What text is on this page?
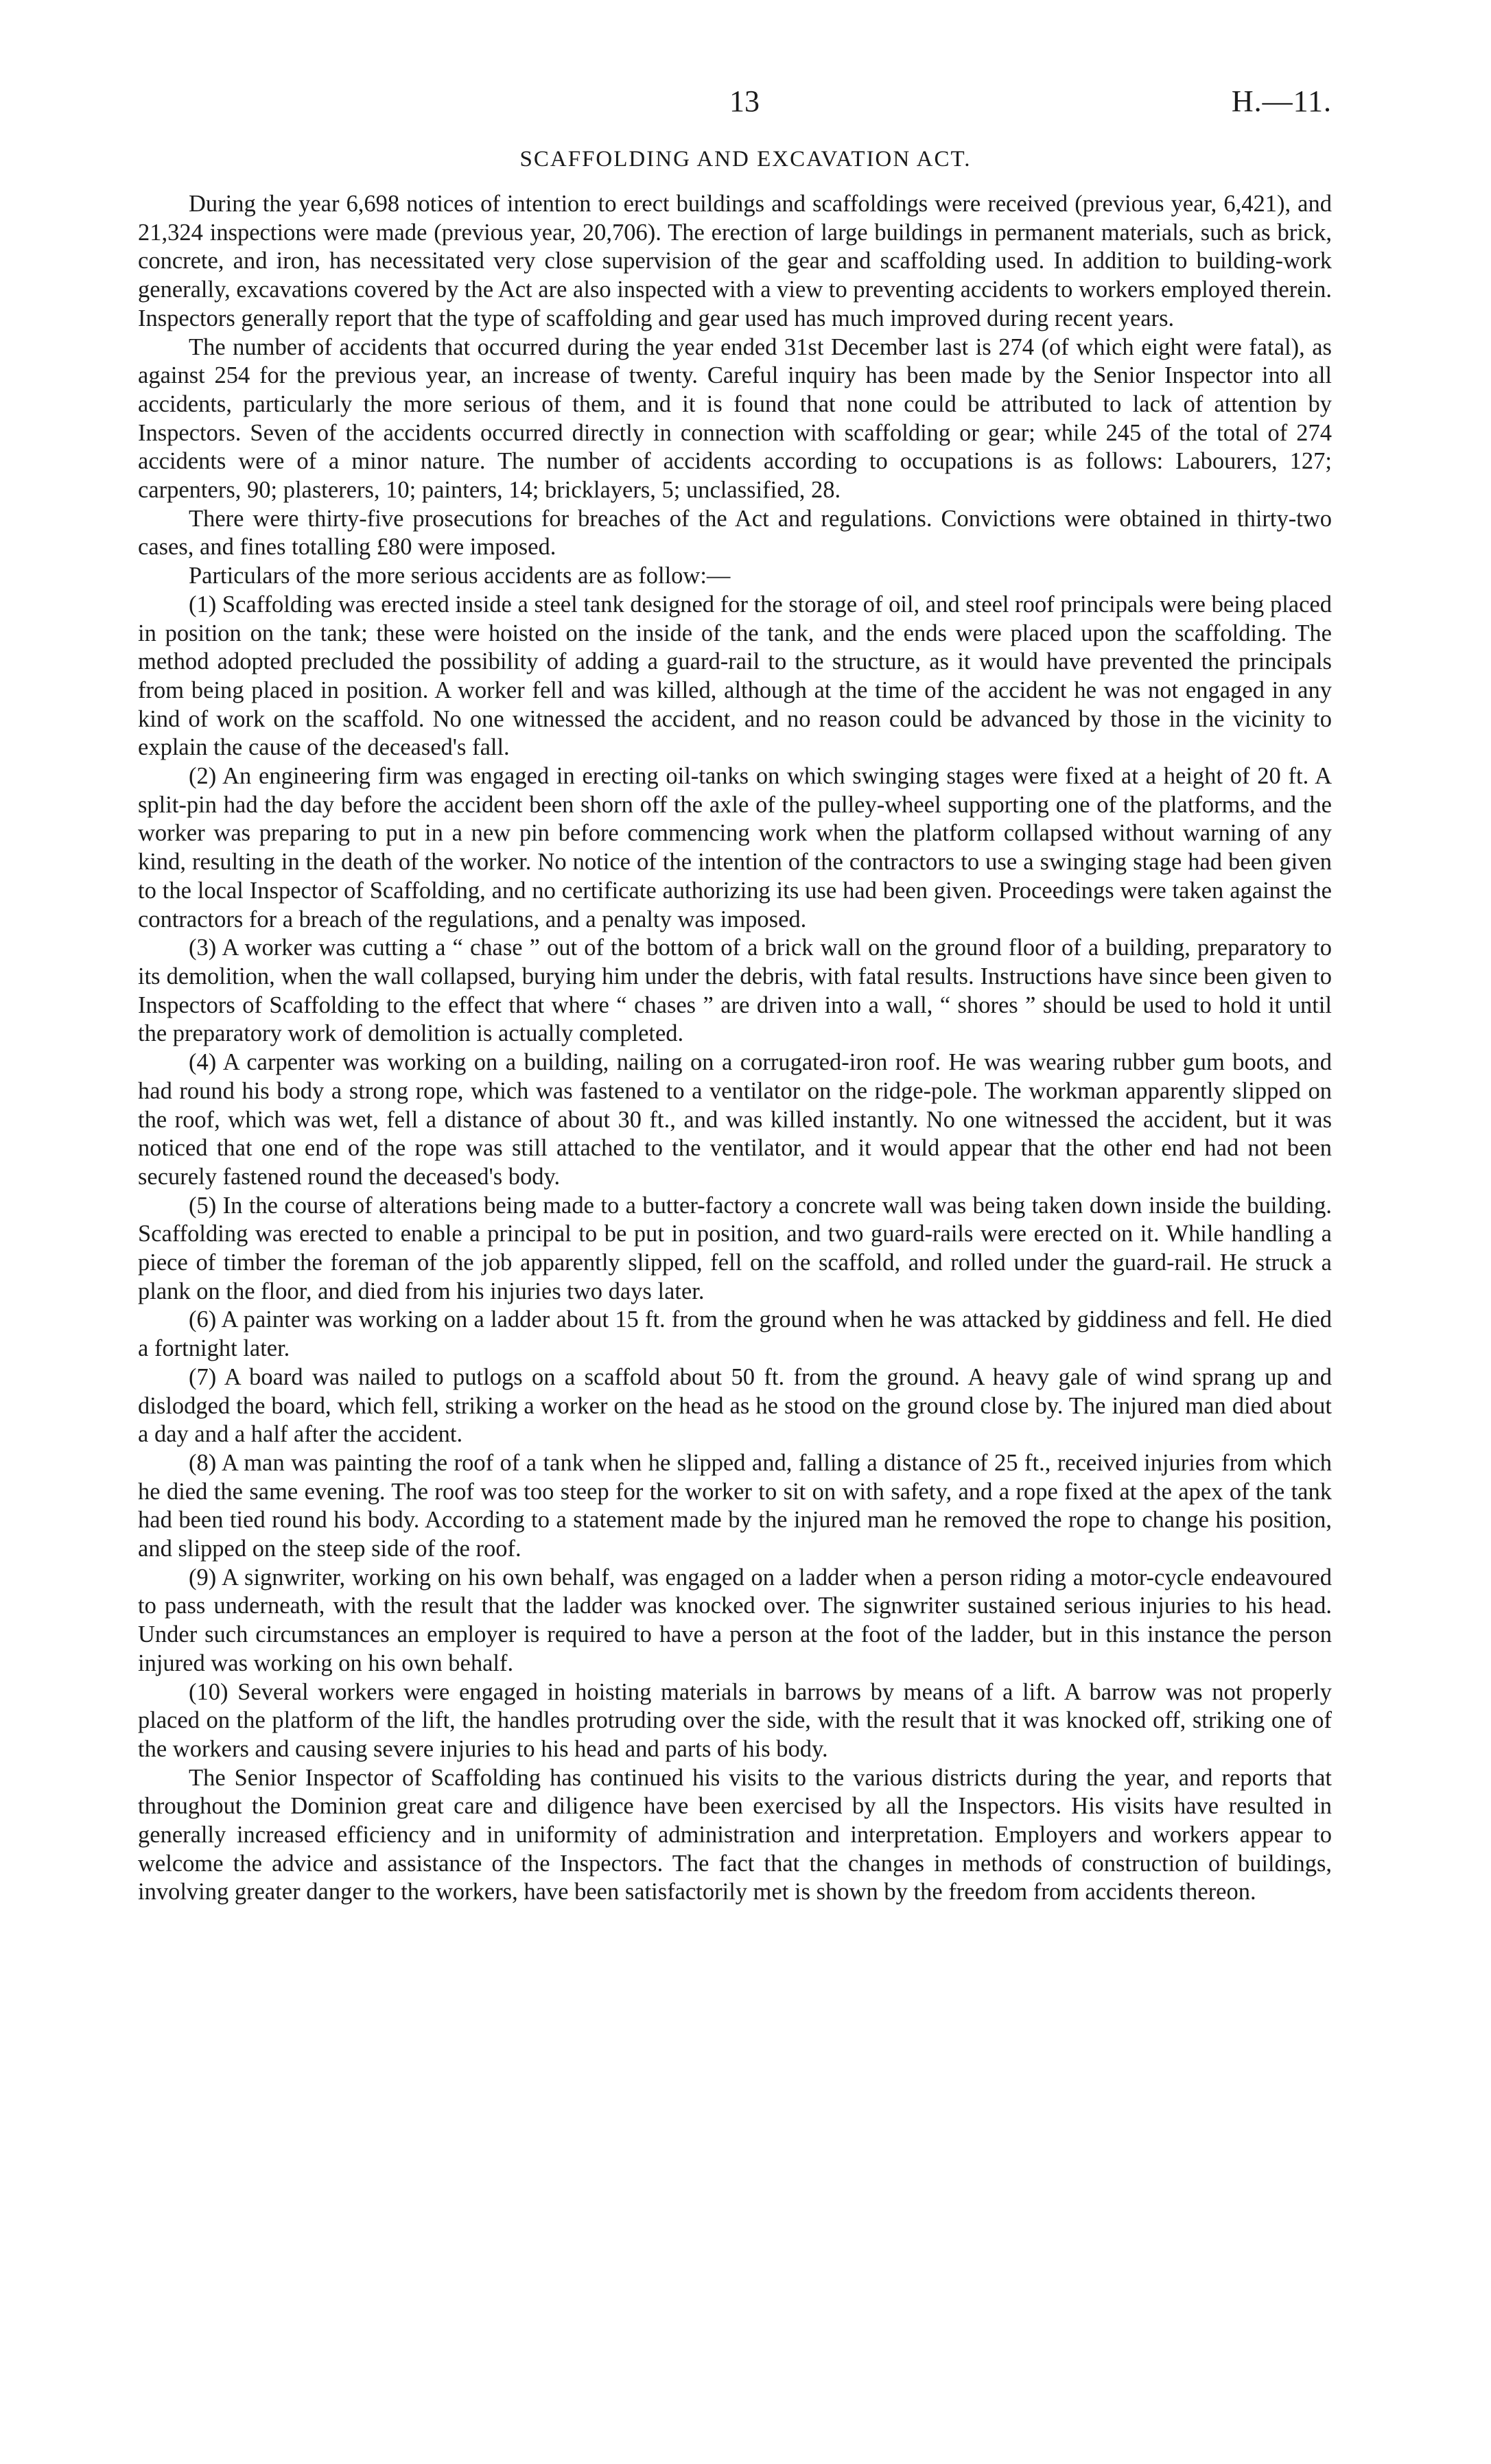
13	H.—11.
SCAFFOLDING AND EXCAVATION ACT.

During the year 6,698 notices of intention to erect buildings and scaffoldings were received (previous year, 6,421), and 21,324 inspections were made (previous year, 20,706). The erection of large buildings in permanent materials, such as brick, concrete, and iron, has necessitated very close supervision of the gear and scaffolding used. In addition to building-work generally, excavations covered by the Act are also inspected with a view to preventing accidents to workers employed therein. Inspectors generally report that the type of scaffolding and gear used has much improved during recent years.

The number of accidents that occurred during the year ended 31st December last is 274 (of which eight were fatal), as against 254 for the previous year, an increase of twenty. Careful inquiry has been made by the Senior Inspector into all accidents, particularly the more serious of them, and it is found that none could be attributed to lack of attention by Inspectors. Seven of the accidents occurred directly in connection with scaffolding or gear; while 245 of the total of 274 accidents were of a minor nature. The number of accidents according to occupations is as follows: Labourers, 127; carpenters, 90; plasterers, 10; painters, 14; bricklayers, 5; unclassified, 28.

There were thirty-five prosecutions for breaches of the Act and regulations. Convictions were obtained in thirty-two cases, and fines totalling £80 were imposed.

Particulars of the more serious accidents are as follow:—

(1) Scaffolding was erected inside a steel tank designed for the storage of oil, and steel roof principals were being placed in position on the tank; these were hoisted on the inside of the tank, and the ends were placed upon the scaffolding. The method adopted precluded the possibility of adding a guard-rail to the structure, as it would have prevented the principals from being placed in position. A worker fell and was killed, although at the time of the accident he was not engaged in any kind of work on the scaffold. No one witnessed the accident, and no reason could be advanced by those in the vicinity to explain the cause of the deceased's fall.

(2) An engineering firm was engaged in erecting oil-tanks on which swinging stages were fixed at a height of 20 ft. A split-pin had the day before the accident been shorn off the axle of the pulley-wheel supporting one of the platforms, and the worker was preparing to put in a new pin before commencing work when the platform collapsed without warning of any kind, resulting in the death of the worker. No notice of the intention of the contractors to use a swinging stage had been given to the local Inspector of Scaffolding, and no certificate authorizing its use had been given. Proceedings were taken against the contractors for a breach of the regulations, and a penalty was imposed.

(3) A worker was cutting a “ chase ” out of the bottom of a brick wall on the ground floor of a building, preparatory to its demolition, when the wall collapsed, burying him under the debris, with fatal results. Instructions have since been given to Inspectors of Scaffolding to the effect that where “ chases ” are driven into a wall, “ shores ” should be used to hold it until the preparatory work of demolition is actually completed.

(4) A carpenter was working on a building, nailing on a corrugated-iron roof. He was wearing rubber gum boots, and had round his body a strong rope, which was fastened to a ventilator on the ridge-pole. The workman apparently slipped on the roof, which was wet, fell a distance of about 30 ft., and was killed instantly. No one witnessed the accident, but it was noticed that one end of the rope was still attached to the ventilator, and it would appear that the other end had not been securely fastened round the deceased's body.

(5) In the course of alterations being made to a butter-factory a concrete wall was being taken down inside the building. Scaffolding was erected to enable a principal to be put in position, and two guard-rails were erected on it. While handling a piece of timber the foreman of the job apparently slipped, fell on the scaffold, and rolled under the guard-rail. He struck a plank on the floor, and died from his injuries two days later.

(6) A painter was working on a ladder about 15 ft. from the ground when he was attacked by giddiness and fell. He died a fortnight later.

(7) A board was nailed to putlogs on a scaffold about 50 ft. from the ground. A heavy gale of wind sprang up and dislodged the board, which fell, striking a worker on the head as he stood on the ground close by. The injured man died about a day and a half after the accident.

(8) A man was painting the roof of a tank when he slipped and, falling a distance of 25 ft., received injuries from which he died the same evening. The roof was too steep for the worker to sit on with safety, and a rope fixed at the apex of the tank had been tied round his body. According to a statement made by the injured man he removed the rope to change his position, and slipped on the steep side of the roof.

(9) A signwriter, working on his own behalf, was engaged on a ladder when a person riding a motor-cycle endeavoured to pass underneath, with the result that the ladder was knocked over. The signwriter sustained serious injuries to his head. Under such circumstances an employer is required to have a person at the foot of the ladder, but in this instance the person injured was working on his own behalf.

(10) Several workers were engaged in hoisting materials in barrows by means of a lift. A barrow was not properly placed on the platform of the lift, the handles protruding over the side, with the result that it was knocked off, striking one of the workers and causing severe injuries to his head and parts of his body.

The Senior Inspector of Scaffolding has continued his visits to the various districts during the year, and reports that throughout the Dominion great care and diligence have been exercised by all the Inspectors. His visits have resulted in generally increased efficiency and in uniformity of administration and interpretation. Employers and workers appear to welcome the advice and assistance of the Inspectors. The fact that the changes in methods of construction of buildings, involving greater danger to the workers, have been satisfactorily met is shown by the freedom from accidents thereon.
